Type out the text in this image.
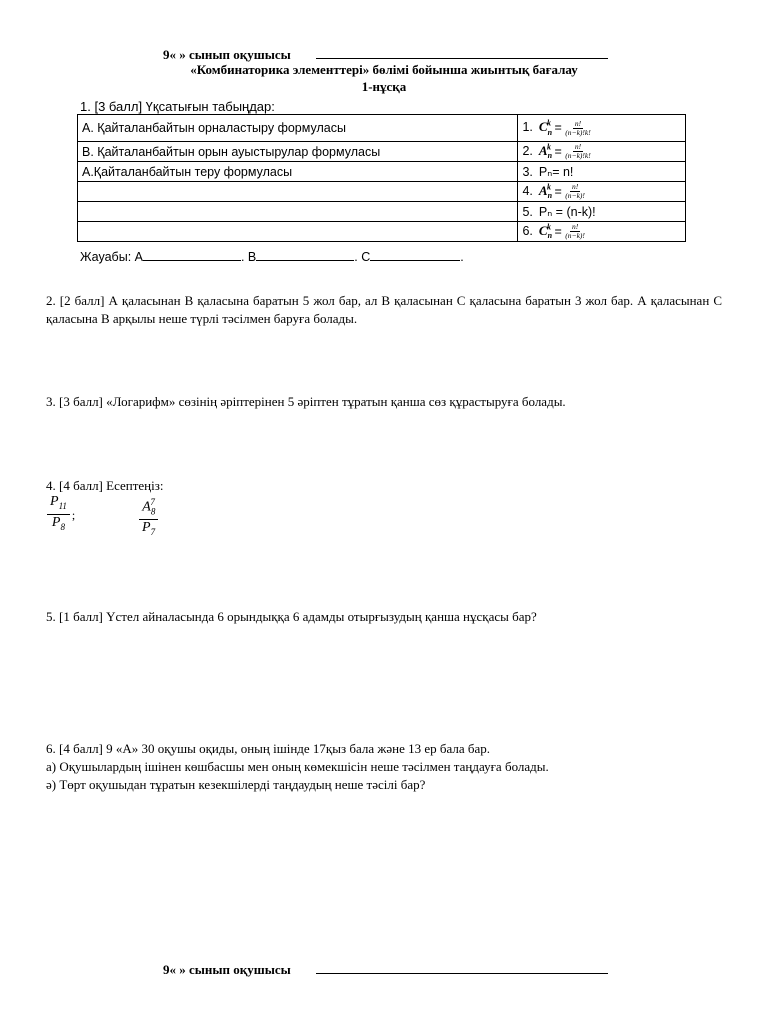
9« » сынып оқушысы
«Комбинаторика элементтері» бөлімі бойынша жиынтық бағалау
1-нұсқа
1. [3 балл] Үқсатығын табыңдар:
А. Қайталанбайтын орналастыру формуласы	1. $C_n^k = \frac{n!}{(n-k)!k!}$

В. Қайталанбайтын орын ауыстырулар формуласы	2. $A_n^k = \frac{n!}{(n-k)!k!}$

А.Қайталанбайтын теру формуласы	3. Pₙ= n!
	4. $A_n^k = \frac{n!}{(n-k)!}$

	5. Pₙ = (n-k)!
	6. $C_n^k = \frac{n!}{(n-k)!}$
Жауабы: А	. В	. С	.
2. [2 балл] А қаласынан В қаласына баратын 5 жол бар, ал В қаласынан С қаласына баратын 3 жол бар. А қаласынан С қаласына В арқылы неше түрлі тәсілмен баруға болады.
3. [3 балл] «Логарифм» сөзінің әріптерінен 5 әріптен тұратын қанша сөз құрастыруға болады.
4. [4 балл] Есептеңіз:
$\frac{P_{11}}{P_8}$ ;	$\frac{A_8^7}{P_7}$
5. [1 балл] Үстел айналасында 6 орындыққа 6 адамды отырғызудың қанша нұсқасы бар?
6. [4 балл] 9 «А» 30 оқушы оқиды, оның ішінде 17қыз бала және 13 ер бала бар.
а) Оқушылардың ішінен көшбасшы мен оның көмекшісін неше тәсілмен таңдауға болады.
ә) Төрт оқушыдан тұратын кезекшілерді таңдаудың неше тәсілі бар?
9« » сынып оқушысы
